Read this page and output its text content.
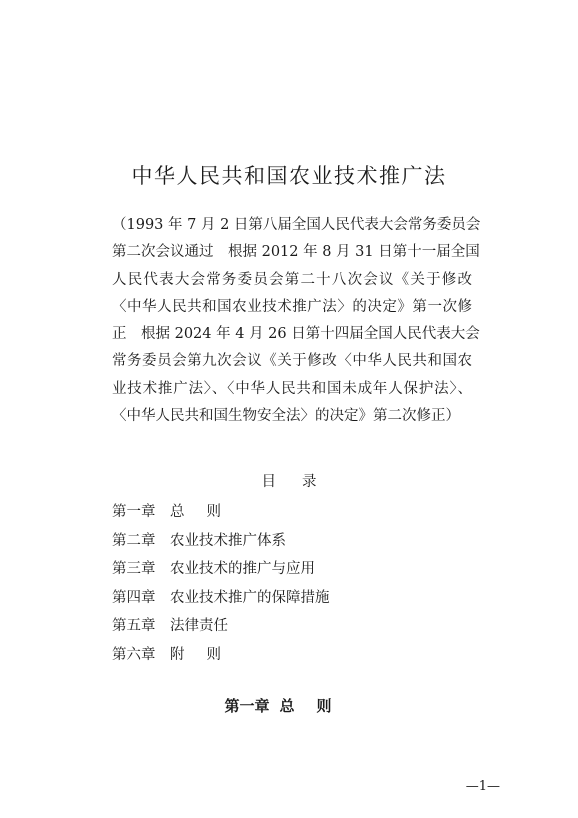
中华人民共和国农业技术推广法
（1993 年 7 月 2 日第八届全国人民代表大会常务委员会
第二次会议通过　根据 2012 年 8 月 31 日第十一届全国
人民代表大会常务委员会第二十八次会议《关于修改
〈中华人民共和国农业技术推广法〉的决定》第一次修
正　根据 2024 年 4 月 26 日第十四届全国人民代表大会
常务委员会第九次会议《关于修改〈中华人民共和国农
业技术推广法〉、〈中华人民共和国未成年人保护法〉、
〈中华人民共和国生物安全法〉的决定》第二次修正）
目录
第一章 总则
第二章 农业技术推广体系
第三章 农业技术的推广与应用
第四章 农业技术推广的保障措施
第五章 法律责任
第六章 附则
第一章 总则
—1—
